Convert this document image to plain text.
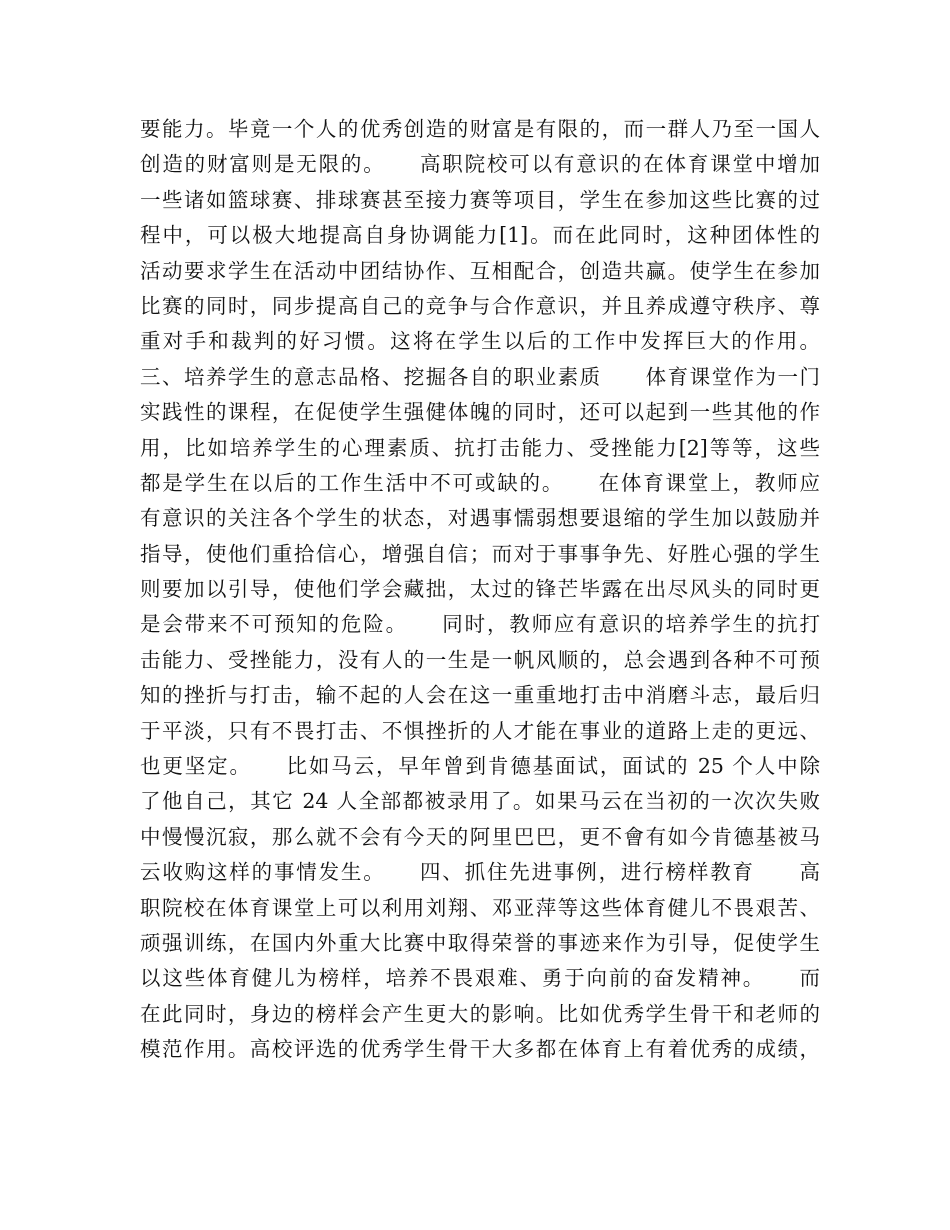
要能力。毕竟一个人的优秀创造的财富是有限的，而一群人乃至一国人
创造的财富则是无限的。　　高职院校可以有意识的在体育课堂中增加
一些诸如篮球赛、排球赛甚至接力赛等项目，学生在参加这些比赛的过
程中，可以极大地提高自身协调能力[1]。而在此同时，这种团体性的
活动要求学生在活动中团结协作、互相配合，创造共赢。使学生在参加
比赛的同时，同步提高自己的竞争与合作意识，并且养成遵守秩序、尊
重对手和裁判的好习惯。这将在学生以后的工作中发挥巨大的作用。
三、培养学生的意志品格、挖掘各自的职业素质　　体育课堂作为一门
实践性的课程，在促使学生强健体魄的同时，还可以起到一些其他的作
用，比如培养学生的心理素质、抗打击能力、受挫能力[2]等等，这些
都是学生在以后的工作生活中不可或缺的。　　在体育课堂上，教师应
有意识的关注各个学生的状态，对遇事懦弱想要退缩的学生加以鼓励并
指导，使他们重拾信心，增强自信；而对于事事争先、好胜心强的学生
则要加以引导，使他们学会藏拙，太过的锋芒毕露在出尽风头的同时更
是会带来不可预知的危险。　　同时，教师应有意识的培养学生的抗打
击能力、受挫能力，没有人的一生是一帆风顺的，总会遇到各种不可预
知的挫折与打击，输不起的人会在这一重重地打击中消磨斗志，最后归
于平淡，只有不畏打击、不惧挫折的人才能在事业的道路上走的更远、
也更坚定。　　比如马云，早年曾到肯德基面试，面试的 25 个人中除
了他自己，其它 24 人全部都被录用了。如果马云在当初的一次次失败
中慢慢沉寂，那么就不会有今天的阿里巴巴，更不會有如今肯德基被马
云收购这样的事情发生。　　四、抓住先进事例，进行榜样教育　　高
职院校在体育课堂上可以利用刘翔、邓亚萍等这些体育健儿不畏艰苦、
顽强训练，在国内外重大比赛中取得荣誉的事迹来作为引导，促使学生
以这些体育健儿为榜样，培养不畏艰难、勇于向前的奋发精神。　　而
在此同时，身边的榜样会产生更大的影响。比如优秀学生骨干和老师的
模范作用。高校评选的优秀学生骨干大多都在体育上有着优秀的成绩，
